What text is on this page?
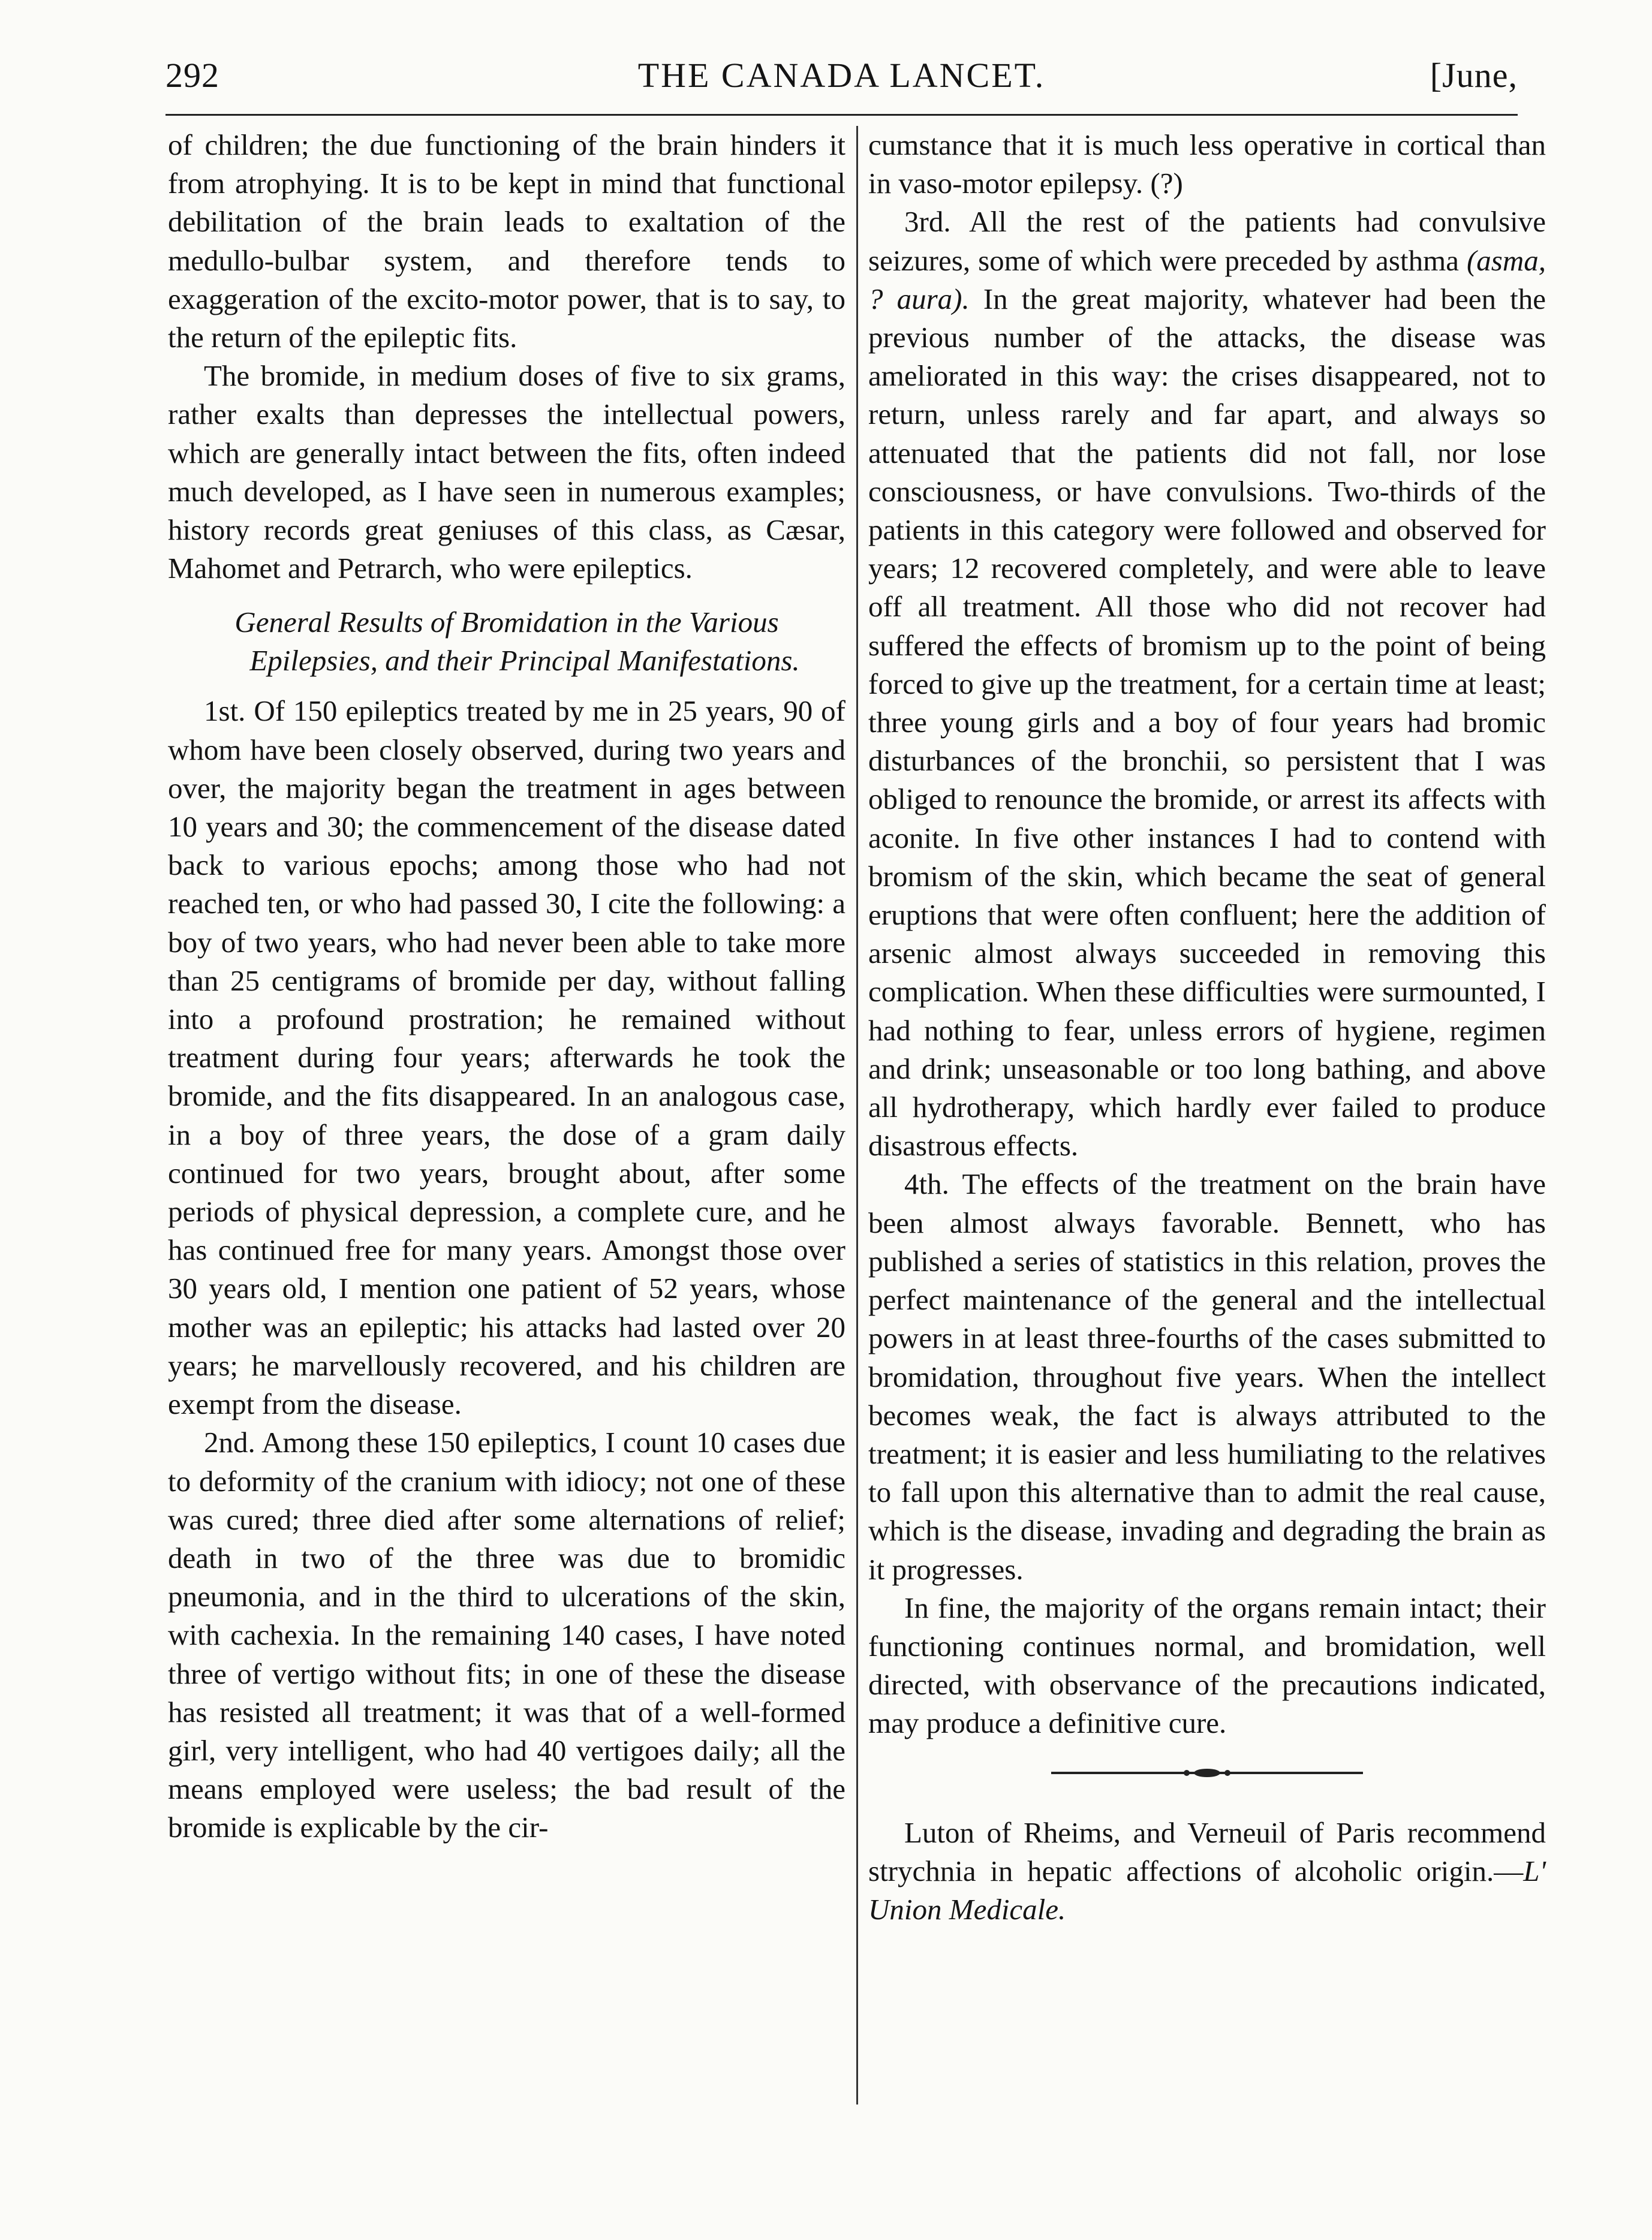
292	THE CANADA LANCET.	[June,

of children; the due functioning of the brain hinders it from atrophying. It is to be kept in mind that functional debilitation of the brain leads to exaltation of the medullo-bulbar system, and therefore tends to exaggeration of the excito-motor power, that is to say, to the return of the epileptic fits.

The bromide, in medium doses of five to six grams, rather exalts than depresses the intellectual powers, which are generally intact between the fits, often indeed much developed, as I have seen in numerous examples; history records great geniuses of this class, as Cæsar, Mahomet and Petrarch, who were epileptics.

General Results of Bromidation in the Various
Epilepsies, and their Principal Manifestations.

1st. Of 150 epileptics treated by me in 25 years, 90 of whom have been closely observed, during two years and over, the majority began the treatment in ages between 10 years and 30; the commencement of the disease dated back to various epochs; among those who had not reached ten, or who had passed 30, I cite the following: a boy of two years, who had never been able to take more than 25 centigrams of bromide per day, without falling into a profound prostration; he remained without treatment during four years; afterwards he took the bromide, and the fits disappeared. In an analogous case, in a boy of three years, the dose of a gram daily continued for two years, brought about, after some periods of physical depression, a complete cure, and he has continued free for many years. Amongst those over 30 years old, I mention one patient of 52 years, whose mother was an epileptic; his attacks had lasted over 20 years; he marvellously recovered, and his children are exempt from the disease.

2nd. Among these 150 epileptics, I count 10 cases due to deformity of the cranium with idiocy; not one of these was cured; three died after some alternations of relief; death in two of the three was due to bromidic pneumonia, and in the third to ulcerations of the skin, with cachexia. In the remaining 140 cases, I have noted three of vertigo without fits; in one of these the disease has resisted all treatment; it was that of a well-formed girl, very intelligent, who had 40 vertigoes daily; all the means employed were useless; the bad result of the bromide is explicable by the cir-

cumstance that it is much less operative in cortical than in vaso-motor epilepsy. (?)

3rd. All the rest of the patients had convulsive seizures, some of which were preceded by asthma (asma, ? aura). In the great majority, whatever had been the previous number of the attacks, the disease was ameliorated in this way: the crises disappeared, not to return, unless rarely and far apart, and always so attenuated that the patients did not fall, nor lose consciousness, or have convulsions. Two-thirds of the patients in this category were followed and observed for years; 12 recovered completely, and were able to leave off all treatment. All those who did not recover had suffered the effects of bromism up to the point of being forced to give up the treatment, for a certain time at least; three young girls and a boy of four years had bromic disturbances of the bronchii, so persistent that I was obliged to renounce the bromide, or arrest its affects with aconite. In five other instances I had to contend with bromism of the skin, which became the seat of general eruptions that were often confluent; here the addition of arsenic almost always succeeded in removing this complication. When these difficulties were surmounted, I had nothing to fear, unless errors of hygiene, regimen and drink; unseasonable or too long bathing, and above all hydrotherapy, which hardly ever failed to produce disastrous effects.

4th. The effects of the treatment on the brain have been almost always favorable. Bennett, who has published a series of statistics in this relation, proves the perfect maintenance of the general and the intellectual powers in at least three-fourths of the cases submitted to bromidation, throughout five years. When the intellect becomes weak, the fact is always attributed to the treatment; it is easier and less humiliating to the relatives to fall upon this alternative than to admit the real cause, which is the disease, invading and degrading the brain as it progresses.

In fine, the majority of the organs remain intact; their functioning continues normal, and bromidation, well directed, with observance of the precautions indicated, may produce a definitive cure.

Luton of Rheims, and Verneuil of Paris recommend strychnia in hepatic affections of alcoholic origin.—L' Union Medicale.
